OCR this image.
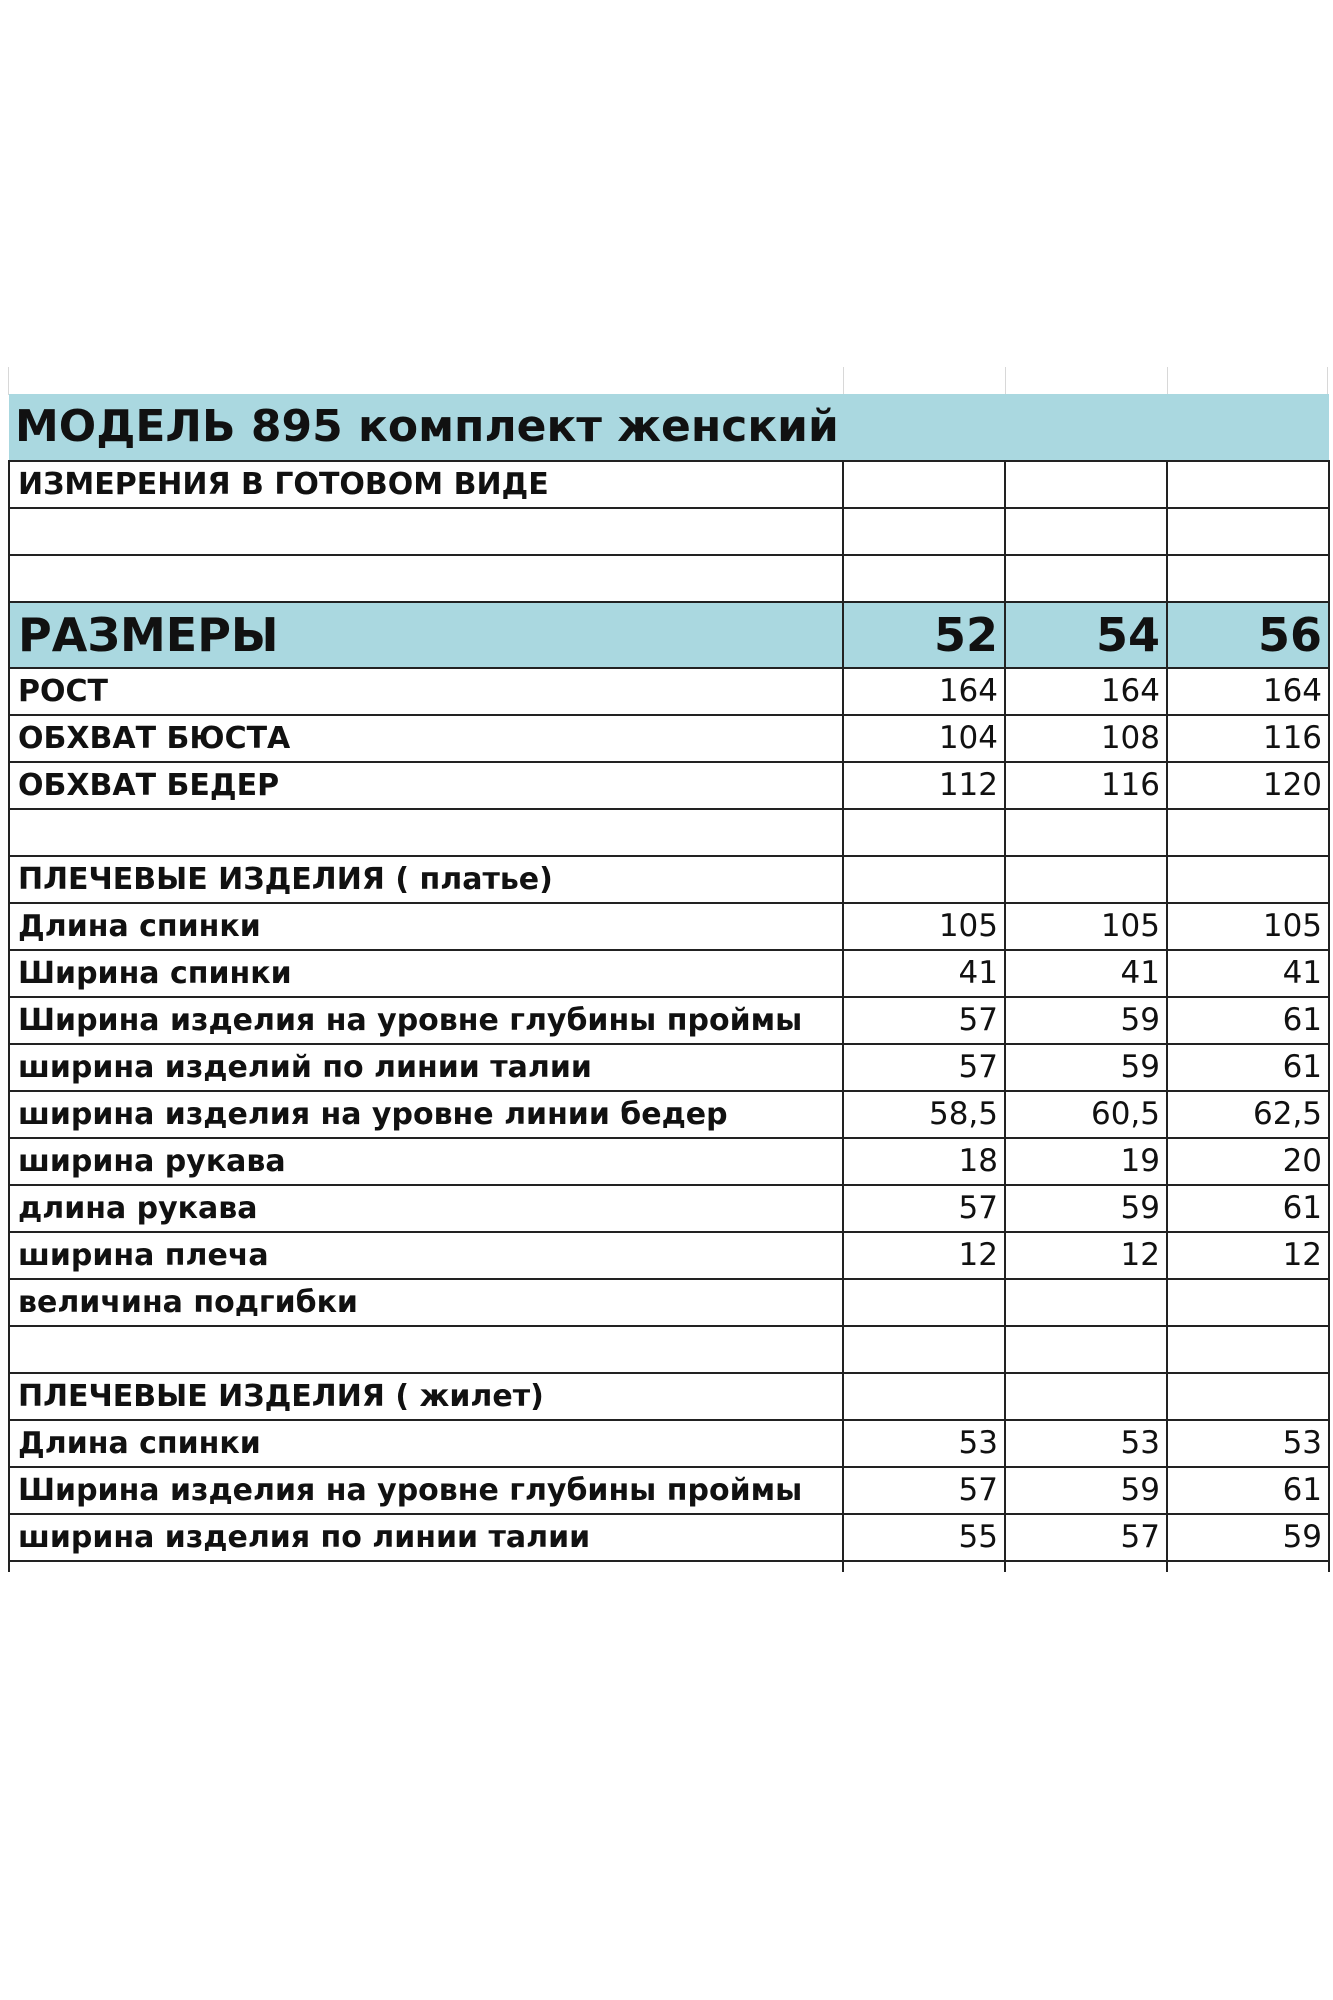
МОДЕЛЬ 895 комплект женский			
ИЗМЕРЕНИЯ В ГОТОВОМ ВИДЕ			

РАЗМЕРЫ	52	54	56
РОСТ	164	164	164
ОБХВАТ БЮСТА	104	108	116
ОБХВАТ БЕДЕР	112	116	120

ПЛЕЧЕВЫЕ ИЗДЕЛИЯ ( платье)			
Длина спинки	105	105	105
Ширина спинки	41	41	41
Ширина изделия на уровне глубины проймы	57	59	61
ширина изделий по линии талии	57	59	61
ширина изделия на уровне линии бедер	58,5	60,5	62,5
ширина рукава	18	19	20
длина рукава	57	59	61
ширина плеча	12	12	12
величина подгибки			

ПЛЕЧЕВЫЕ ИЗДЕЛИЯ ( жилет)			
Длина спинки	53	53	53
Ширина изделия на уровне глубины проймы	57	59	61
ширина изделия по линии талии	55	57	59
